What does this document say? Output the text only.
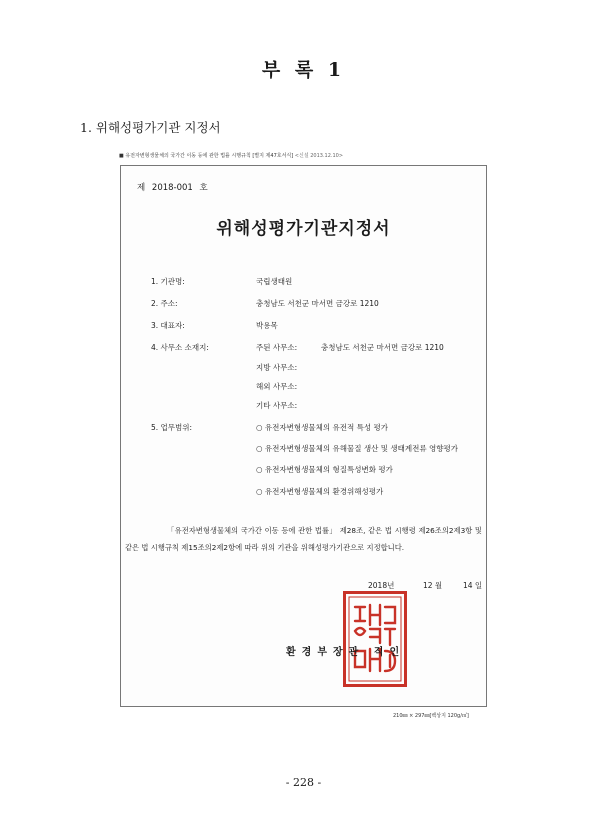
부 록 1
1. 위해성평가기관 지정서
■ 유전자변형생물체의 국가간 이동 등에 관한 법률 시행규칙 [별지 제47호서식] <신설 2013.12.10>
제 2018-001 호
위해성평가기관지정서
1. 기관명:	국립생태원
2. 주소:	충청남도 서천군 마서면 금강로 1210
3. 대표자:	박용목
4. 사무소 소재지:	주된 사무소:	충청남도 서천군 마서면 금강로 1210
지방 사무소:
해외 사무소:
기타 사무소:
5. 업무범위:	○ 유전자변형생물체의 유전적 특성 평가
○ 유전자변형생물체의 유해물질 생산 및 생태계전류 영향평가
○ 유전자변형생물체의 형질특성변화 평가
○ 유전자변형생물체의 환경위해성평가

「유전자변형생물체의 국가간 이동 등에 관한 법률」 제28조, 같은 법 시행령 제26조의2제3항 및 같은 법 시행규칙 제15조의2제2항에 따라 위의 기관을 위해성평가기관으로 지정합니다.

2018년	12 월	14 일
환경부장관 직인
210㎜ × 297㎜[백상지 120g/㎡]
- 228 -
